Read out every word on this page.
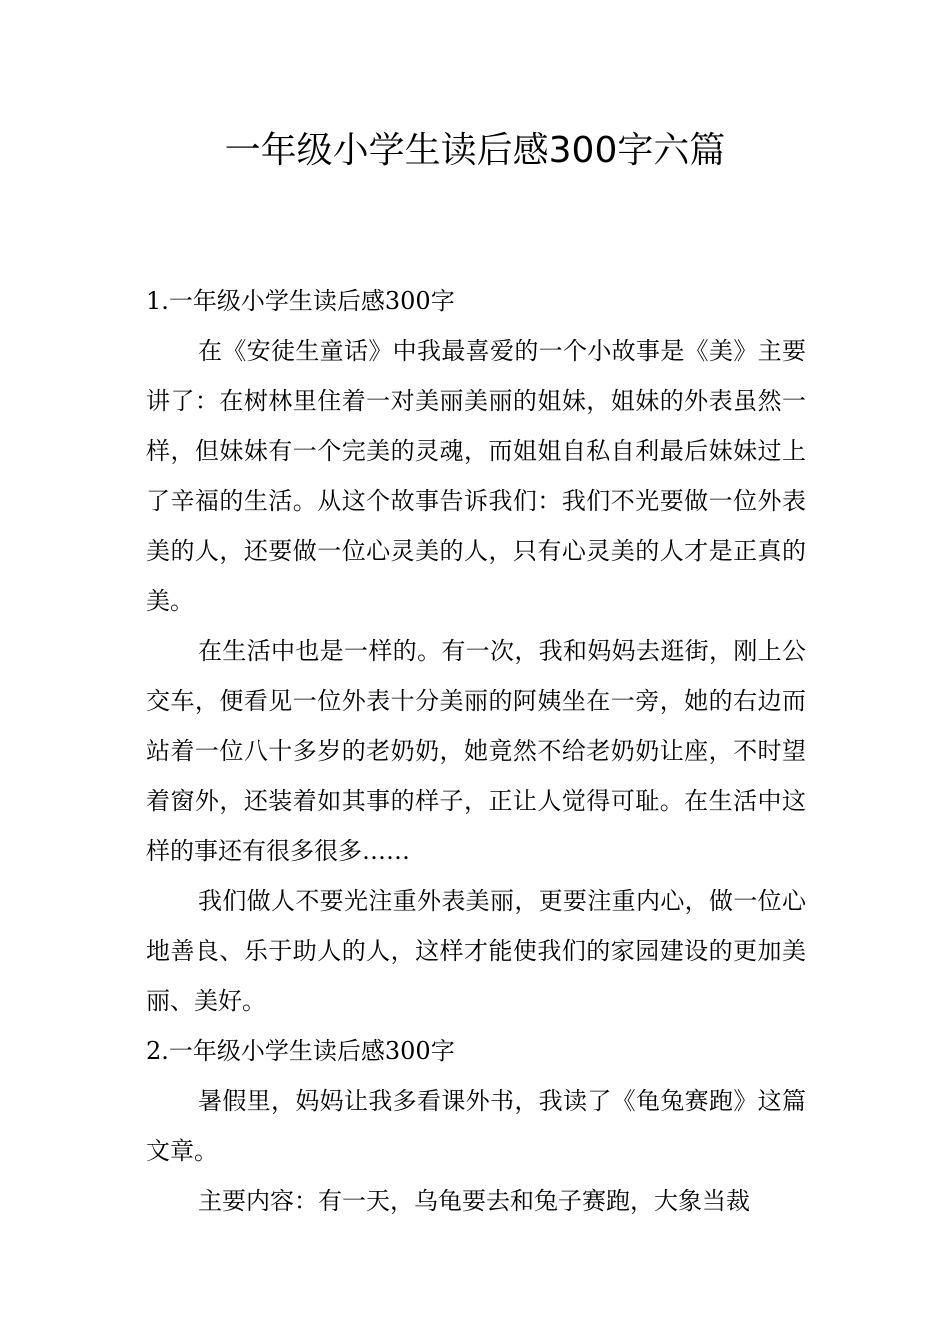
一年级小学生读后感300字六篇
1.一年级小学生读后感300字

在《安徒生童话》中我最喜爱的一个小故事是《美》主要讲了：在树林里住着一对美丽美丽的姐妹，姐妹的外表虽然一样，但妹妹有一个完美的灵魂，而姐姐自私自利最后妹妹过上了辛福的生活。从这个故事告诉我们：我们不光要做一位外表美的人，还要做一位心灵美的人，只有心灵美的人才是正真的美。

在生活中也是一样的。有一次，我和妈妈去逛街，刚上公交车，便看见一位外表十分美丽的阿姨坐在一旁，她的右边而站着一位八十多岁的老奶奶，她竟然不给老奶奶让座，不时望着窗外，还装着如其事的样子，正让人觉得可耻。在生活中这样的事还有很多很多……

我们做人不要光注重外表美丽，更要注重内心，做一位心地善良、乐于助人的人，这样才能使我们的家园建设的更加美丽、美好。

2.一年级小学生读后感300字

暑假里，妈妈让我多看课外书，我读了《龟兔赛跑》这篇文章。

主要内容：有一天，乌龟要去和兔子赛跑，大象当裁
